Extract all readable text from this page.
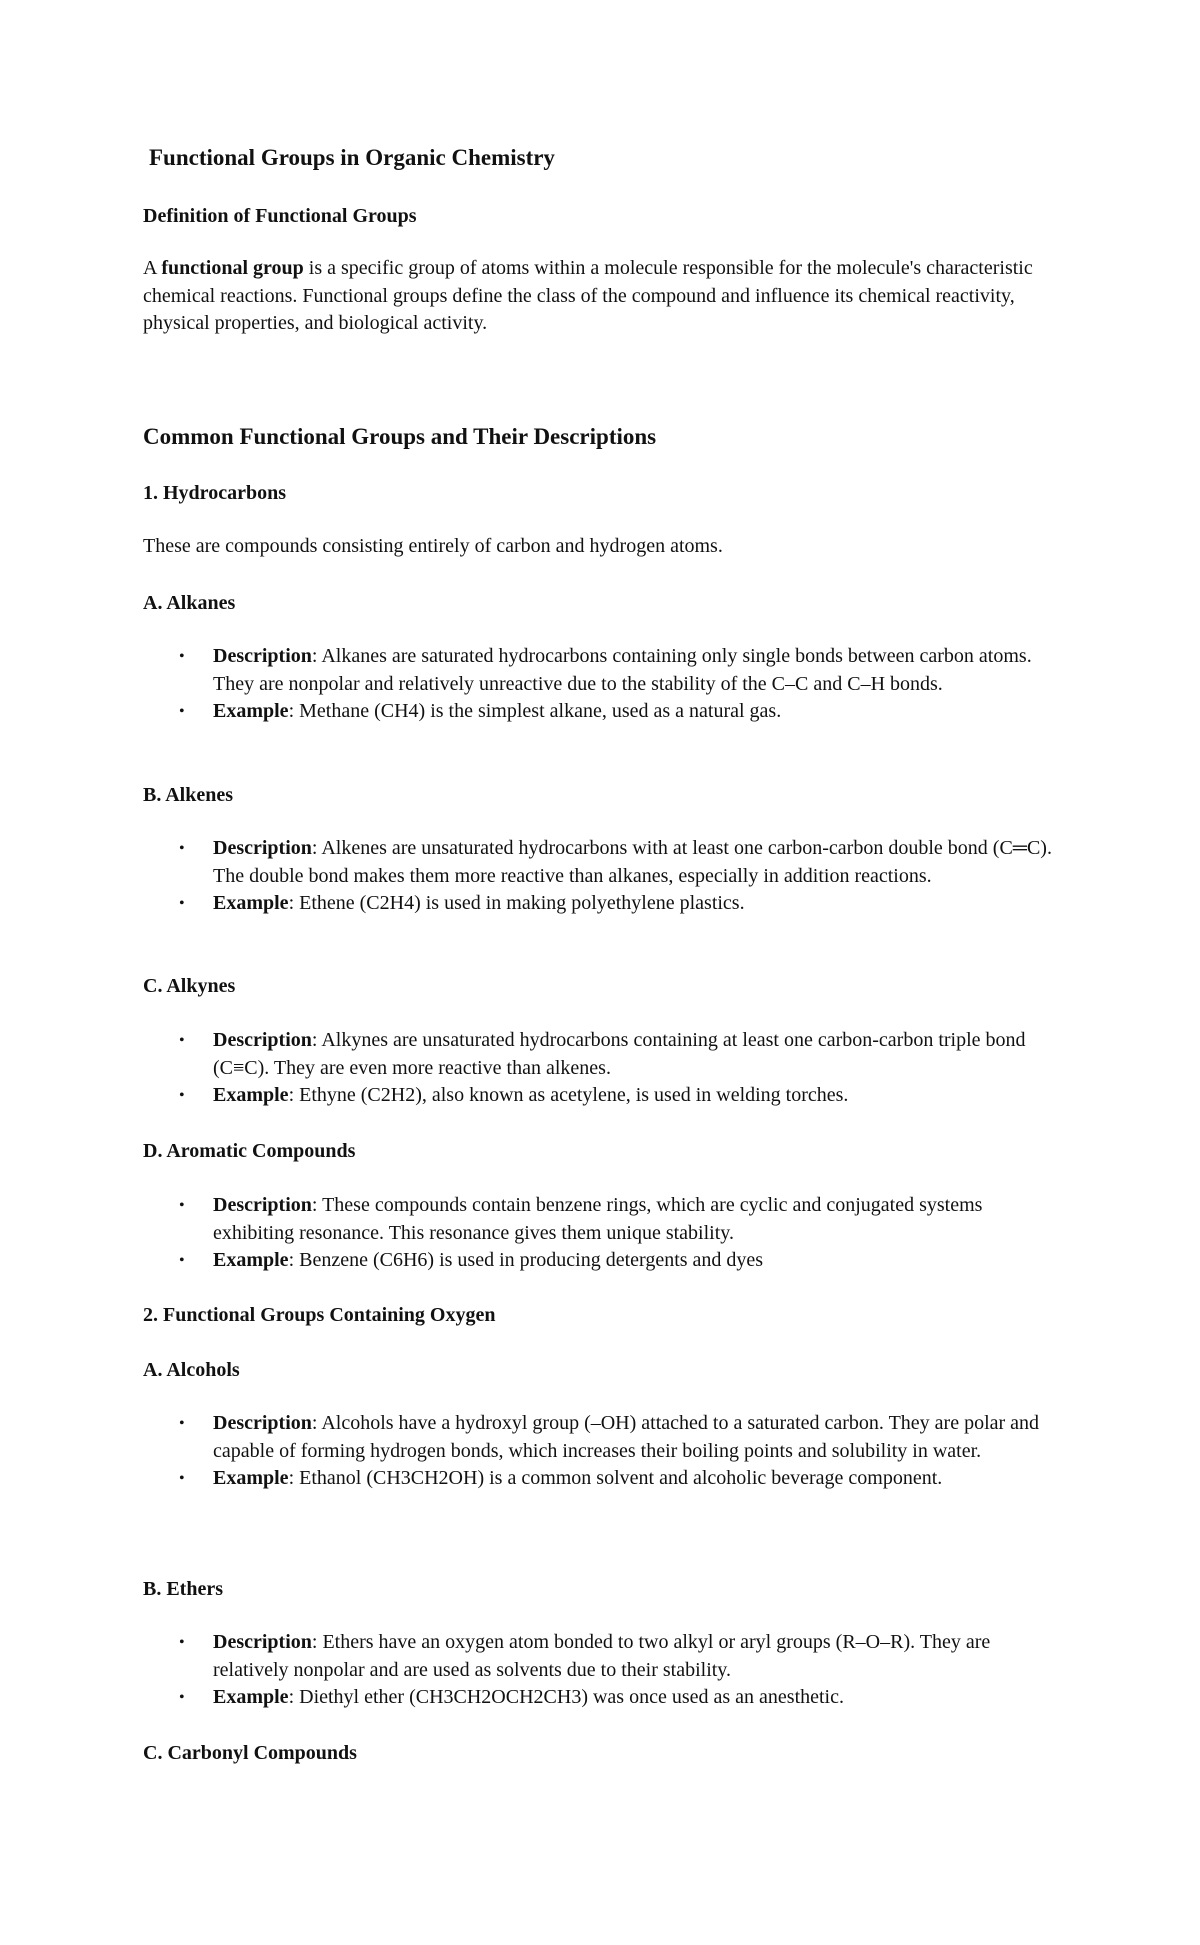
Functional Groups in Organic Chemistry
Definition of Functional Groups

A functional group is a specific group of atoms within a molecule responsible for the molecule's characteristic chemical reactions. Functional groups define the class of the compound and influence its chemical reactivity, physical properties, and biological activity.

Common Functional Groups and Their Descriptions
1. Hydrocarbons

These are compounds consisting entirely of carbon and hydrogen atoms.

A. Alkanes
• Description: Alkanes are saturated hydrocarbons containing only single bonds between carbon atoms. They are nonpolar and relatively unreactive due to the stability of the C–C and C–H bonds.
• Example: Methane (CH4) is the simplest alkane, used as a natural gas.
B. Alkenes
• Description: Alkenes are unsaturated hydrocarbons with at least one carbon-carbon double bond (C═C). The double bond makes them more reactive than alkanes, especially in addition reactions.
• Example: Ethene (C2H4) is used in making polyethylene plastics.
C. Alkynes
• Description: Alkynes are unsaturated hydrocarbons containing at least one carbon-carbon triple bond (C≡C). They are even more reactive than alkenes.
• Example: Ethyne (C2H2), also known as acetylene, is used in welding torches.
D. Aromatic Compounds
• Description: These compounds contain benzene rings, which are cyclic and conjugated systems exhibiting resonance. This resonance gives them unique stability.
• Example: Benzene (C6H6) is used in producing detergents and dyes
2. Functional Groups Containing Oxygen
A. Alcohols
• Description: Alcohols have a hydroxyl group (–OH) attached to a saturated carbon. They are polar and capable of forming hydrogen bonds, which increases their boiling points and solubility in water.
• Example: Ethanol (CH3CH2OH) is a common solvent and alcoholic beverage component.
B. Ethers
• Description: Ethers have an oxygen atom bonded to two alkyl or aryl groups (R–O–R). They are relatively nonpolar and are used as solvents due to their stability.
• Example: Diethyl ether (CH3CH2OCH2CH3) was once used as an anesthetic.
C. Carbonyl Compounds
